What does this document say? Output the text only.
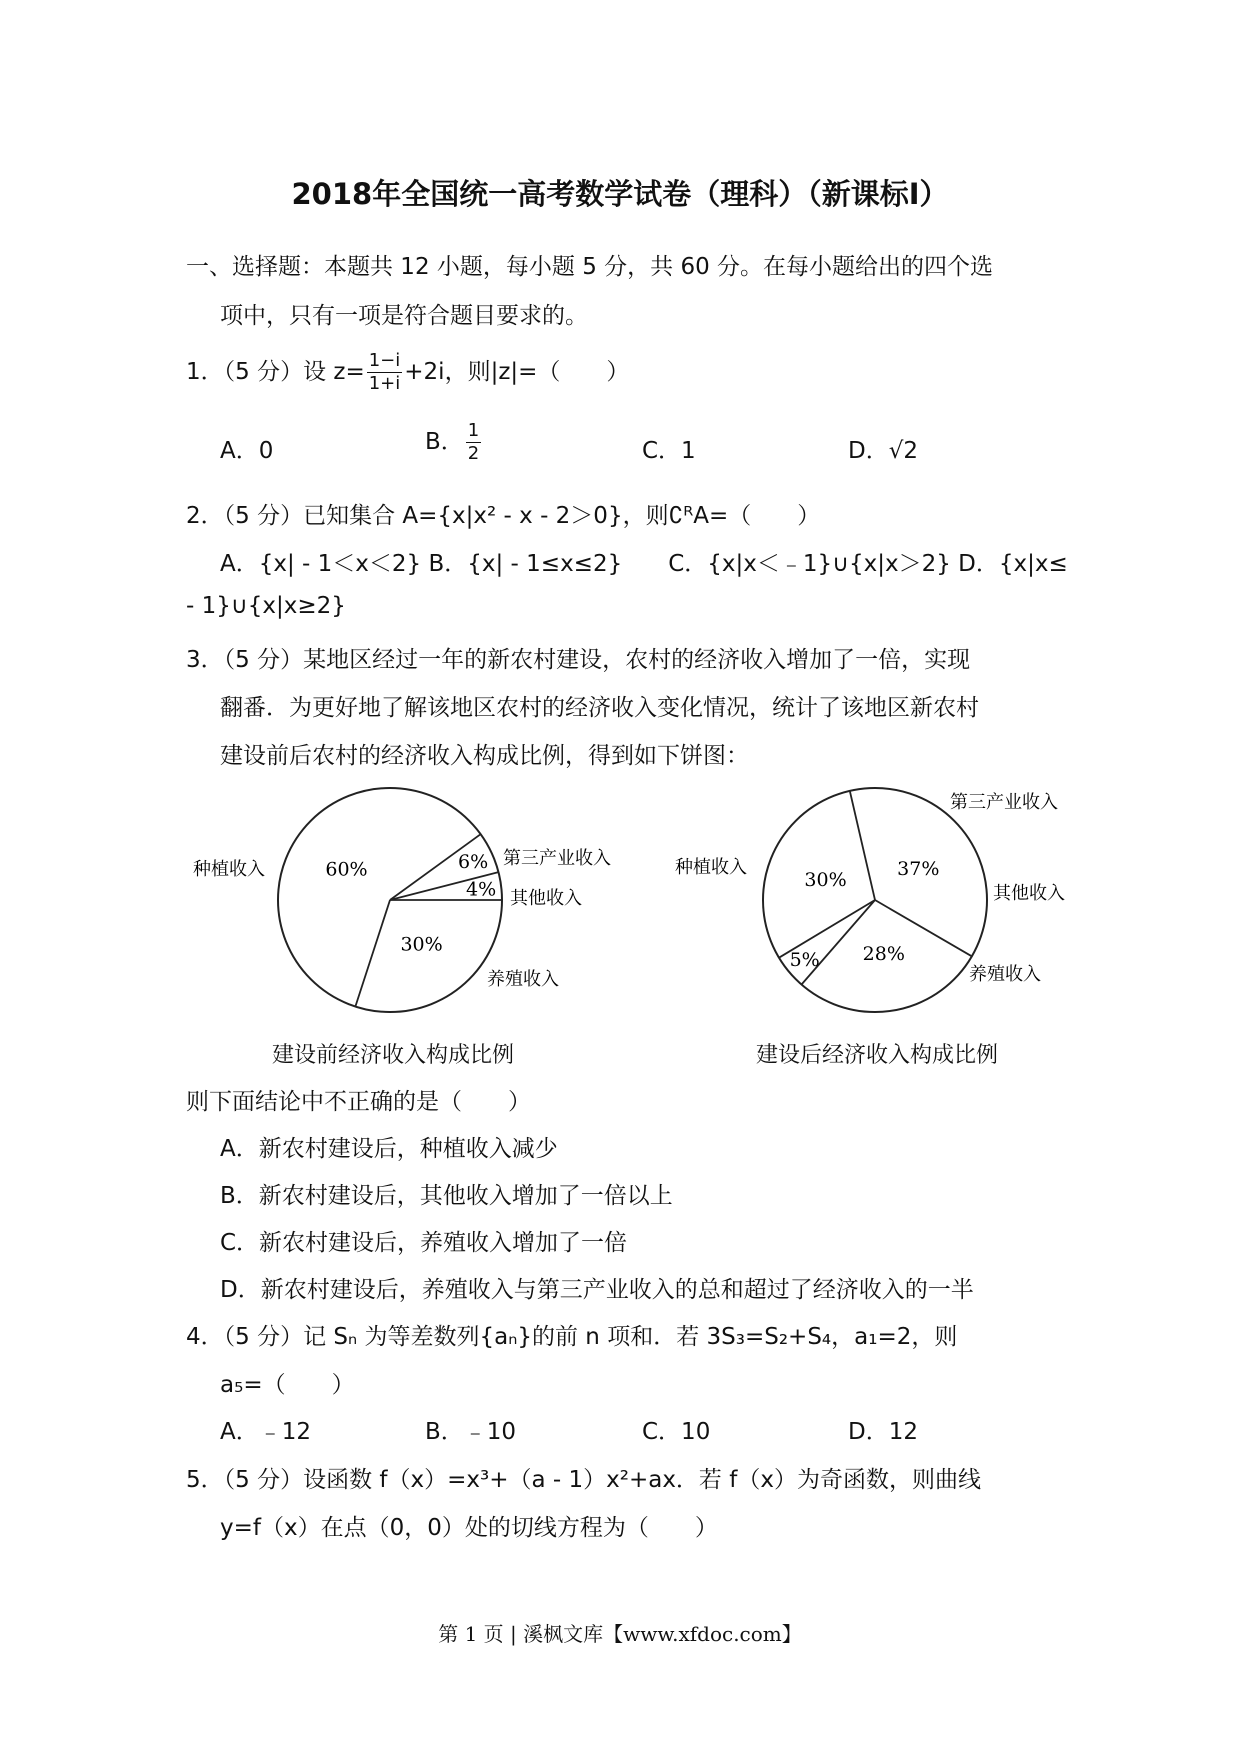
2018年全国统一高考数学试卷（理科）（新课标Ⅰ）
一、选择题：本题共 12 小题，每小题 5 分，共 60 分。在每小题给出的四个选
项中，只有一项是符合题目要求的。
1．（5 分）设 $z= \frac{1-i}{1+i} +2i$，则|z|=（　　）
A．0	B． $\frac{1}{2}$	C．1	D．√2
2．（5 分）已知集合 A={x|x² - x - 2＞0}，则∁ᴿA=（　　）
A．{x| - 1＜x＜2} B．{x| - 1≤x≤2}　　C．{x|x＜﹣1}∪{x|x＞2} D．{x|x≤
- 1}∪{x|x≥2}
3．（5 分）某地区经过一年的新农村建设，农村的经济收入增加了一倍，实现
翻番．为更好地了解该地区农村的经济收入变化情况，统计了该地区新农村
建设前后农村的经济收入构成比例，得到如下饼图：
60%
种植收入	6% 第三产业收入
4% 其他收入
30%
养殖收入
37%
种植收入
28%
第三产业收入
5%
其他收入
30%
养殖收入
建设前经济收入构成比例	建设后经济收入构成比例
则下面结论中不正确的是（　　）
A．新农村建设后，种植收入减少
B．新农村建设后，其他收入增加了一倍以上
C．新农村建设后，养殖收入增加了一倍
D．新农村建设后，养殖收入与第三产业收入的总和超过了经济收入的一半
4．（5 分）记 Sₙ 为等差数列{aₙ}的前 n 项和．若 3S₃=S₂+S₄，a₁=2，则
a₅=（　　）
A．﹣12	B．﹣10	C．10	D．12
5．（5 分）设函数 f（x）=x³+（a - 1）x²+ax．若 f（x）为奇函数，则曲线
y=f（x）在点（0，0）处的切线方程为（　　）
第 1 页 | 溪枫文库【www.xfdoc.com】
